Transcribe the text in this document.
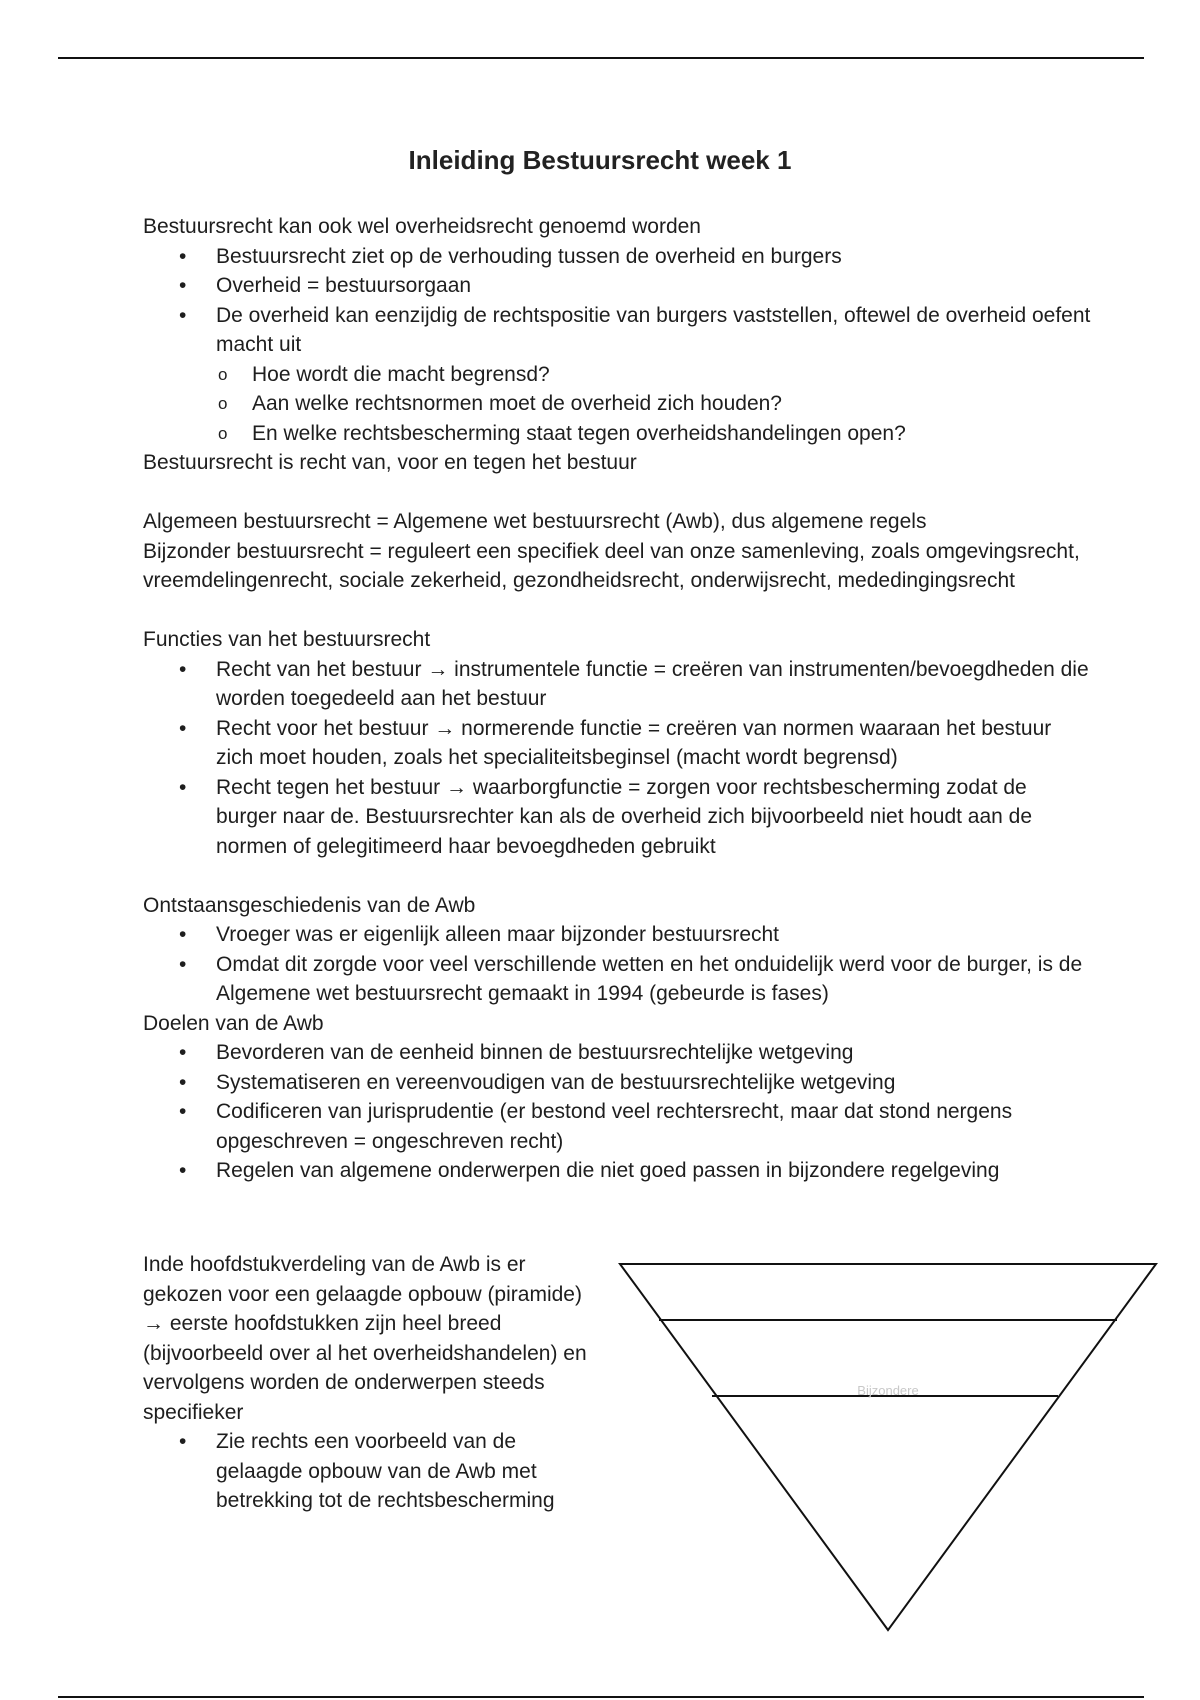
Inleiding Bestuursrecht week 1

Bestuursrecht kan ook wel overheidsrecht genoemd worden

• Bestuursrecht ziet op de verhouding tussen de overheid en burgers
• Overheid = bestuursorgaan
• De overheid kan eenzijdig de rechtspositie van burgers vaststellen, oftewel de overheid oefent macht uit
o Hoe wordt die macht begrensd?
o Aan welke rechtsnormen moet de overheid zich houden?
o En welke rechtsbescherming staat tegen overheidshandelingen open?

Bestuursrecht is recht van, voor en tegen het bestuur

Algemeen bestuursrecht = Algemene wet bestuursrecht (Awb), dus algemene regels

Bijzonder bestuursrecht = reguleert een specifiek deel van onze samenleving, zoals omgevingsrecht, vreemdelingenrecht, sociale zekerheid, gezondheidsrecht, onderwijsrecht, mededingingsrecht

Functies van het bestuursrecht

• Recht van het bestuur → instrumentele functie = creëren van instrumenten/bevoegdheden die worden toegedeeld aan het bestuur
• Recht voor het bestuur → normerende functie = creëren van normen waaraan het bestuur zich moet houden, zoals het specialiteitsbeginsel (macht wordt begrensd)
• Recht tegen het bestuur → waarborgfunctie = zorgen voor rechtsbescherming zodat de burger naar de. Bestuursrechter kan als de overheid zich bijvoorbeeld niet houdt aan de normen of gelegitimeerd haar bevoegdheden gebruikt

Ontstaansgeschiedenis van de Awb

• Vroeger was er eigenlijk alleen maar bijzonder bestuursrecht
• Omdat dit zorgde voor veel verschillende wetten en het onduidelijk werd voor de burger, is de Algemene wet bestuursrecht gemaakt in 1994 (gebeurde is fases)

Doelen van de Awb

• Bevorderen van de eenheid binnen de bestuursrechtelijke wetgeving
• Systematiseren en vereenvoudigen van de bestuursrechtelijke wetgeving
• Codificeren van jurisprudentie (er bestond veel rechtersrecht, maar dat stond nergens opgeschreven = ongeschreven recht)
• Regelen van algemene onderwerpen die niet goed passen in bijzondere regelgeving

Inde hoofdstukverdeling van de Awb is er gekozen voor een gelaagde opbouw (piramide) → eerste hoofdstukken zijn heel breed (bijvoorbeeld over al het overheidshandelen) en vervolgens worden de onderwerpen steeds specifieker

• Zie rechts een voorbeeld van de gelaagde opbouw van de Awb met betrekking tot de rechtsbescherming
Bijzondere
